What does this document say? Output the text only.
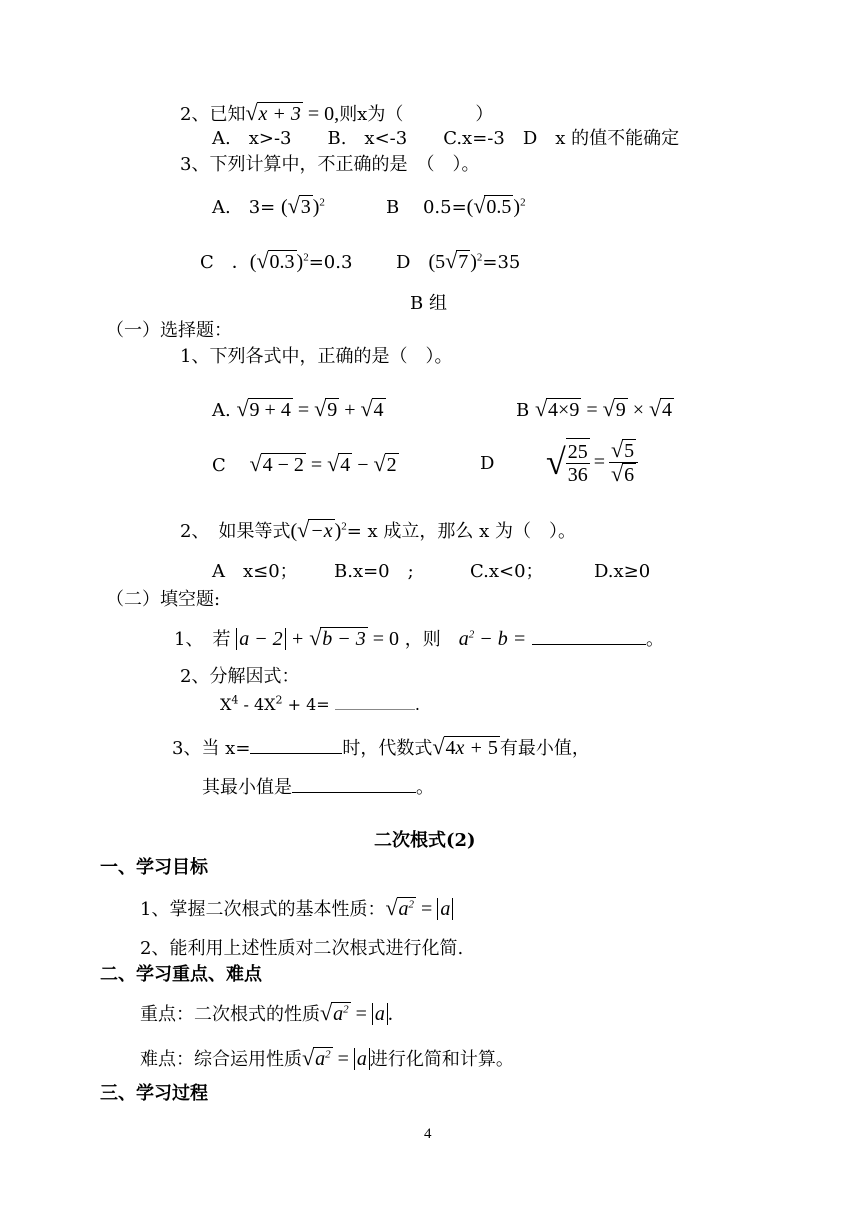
2、已知√x + 3 = 0,则x为（　　　　）
A.　x>-3　　B.　x<-3　　C.x=-3　D　x 的值不能确定
3、下列计算中，不正确的是　（　）。
A.　3= (√3 )$^2$	B　 0.5=(√0.5 )$^2$
C　．(√0.3 )$^2$=0.3 D　 (5√7 )$^2$=35
B 组
（一）选择题：
1、下列各式中，正确的是（　）。
A. √9 + 4 = √9 + √4	B √4×9 = √9 × √4
C　 √4 − 2 = √4 − √2	D √ $\frac{25}{36} = \frac{√5}{√6}$
2、　如果等式(√−x )$^2$= x 成立，那么 x 为（　）。
A　x≤0； B.x=0　;	C.x<0；	D.x≥0
（二）填空题:
1、　若 a − 2 + √b − 3 = 0 ，则　 $a^2 - b$ =	。
2、分解因式：
$X^4 - 4X^2 + 4=$	.
3、当 x=	时，代数式√4x + 5 有最小值，
其最小值是	。
二次根式(2)
一、学习目标
1、掌握二次根式的基本性质：$√a^2 = a$
2、能利用上述性质对二次根式进行化简.
二、学习重点、难点
重点：二次根式的性质$√a^2 = a$ .
难点：综合运用性质$√a^2 = a$ 进行化简和计算。
三、学习过程
4
